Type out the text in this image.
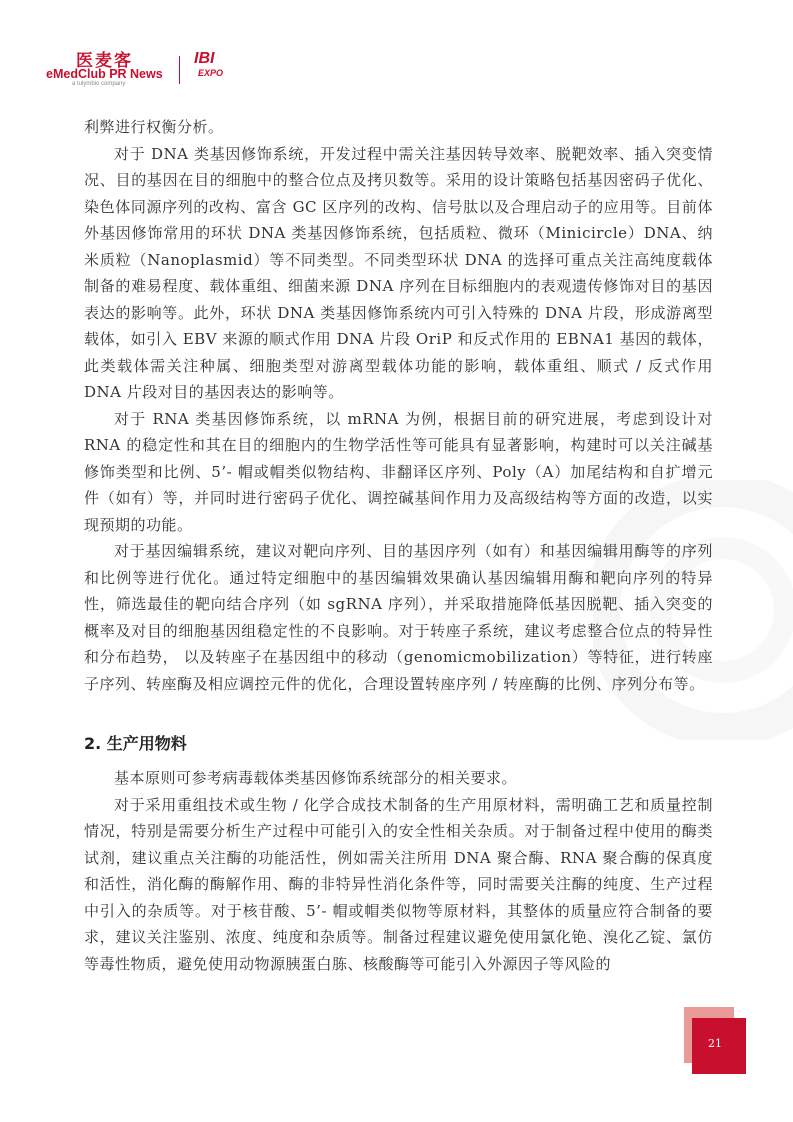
医麦客
eMedClub PR News
a tulymbio company
IBI
EXPO

利弊进行权衡分析。

对于 DNA 类基因修饰系统，开发过程中需关注基因转导效率、脱靶效率、插入突变情况、目的基因在目的细胞中的整合位点及拷贝数等。采用的设计策略包括基因密码子优化、染色体同源序列的改构、富含 GC 区序列的改构、信号肽以及合理启动子的应用等。目前体外基因修饰常用的环状 DNA 类基因修饰系统，包括质粒、微环（Minicircle）DNA、纳米质粒（Nanoplasmid）等不同类型。不同类型环状 DNA 的选择可重点关注高纯度载体制备的难易程度、载体重组、细菌来源 DNA 序列在目标细胞内的表观遗传修饰对目的基因表达的影响等。此外，环状 DNA 类基因修饰系统内可引入特殊的 DNA 片段，形成游离型载体，如引入 EBV 来源的顺式作用 DNA 片段 OriP 和反式作用的 EBNA1 基因的载体，此类载体需关注种属、细胞类型对游离型载体功能的影响，载体重组、顺式 / 反式作用 DNA 片段对目的基因表达的影响等。

对于 RNA 类基因修饰系统，以 mRNA 为例，根据目前的研究进展，考虑到设计对 RNA 的稳定性和其在目的细胞内的生物学活性等可能具有显著影响，构建时可以关注碱基修饰类型和比例、5’- 帽或帽类似物结构、非翻译区序列、Poly（A）加尾结构和自扩增元件（如有）等，并同时进行密码子优化、调控碱基间作用力及高级结构等方面的改造，以实现预期的功能。

对于基因编辑系统，建议对靶向序列、目的基因序列（如有）和基因编辑用酶等的序列和比例等进行优化。通过特定细胞中的基因编辑效果确认基因编辑用酶和靶向序列的特异性，筛选最佳的靶向结合序列（如 sgRNA 序列），并采取措施降低基因脱靶、插入突变的概率及对目的细胞基因组稳定性的不良影响。对于转座子系统，建议考虑整合位点的特异性和分布趋势， 以及转座子在基因组中的移动（genomicmobilization）等特征，进行转座子序列、转座酶及相应调控元件的优化，合理设置转座序列 / 转座酶的比例、序列分布等。

2. 生产用物料

基本原则可参考病毒载体类基因修饰系统部分的相关要求。

对于采用重组技术或生物 / 化学合成技术制备的生产用原材料，需明确工艺和质量控制情况，特别是需要分析生产过程中可能引入的安全性相关杂质。对于制备过程中使用的酶类试剂，建议重点关注酶的功能活性，例如需关注所用 DNA 聚合酶、RNA 聚合酶的保真度和活性，消化酶的酶解作用、酶的非特异性消化条件等，同时需要关注酶的纯度、生产过程中引入的杂质等。对于核苷酸、5’- 帽或帽类似物等原材料，其整体的质量应符合制备的要求，建议关注鉴别、浓度、纯度和杂质等。制备过程建议避免使用氯化铯、溴化乙锭、氯仿等毒性物质，避免使用动物源胰蛋白胨、核酸酶等可能引入外源因子等风险的

21
